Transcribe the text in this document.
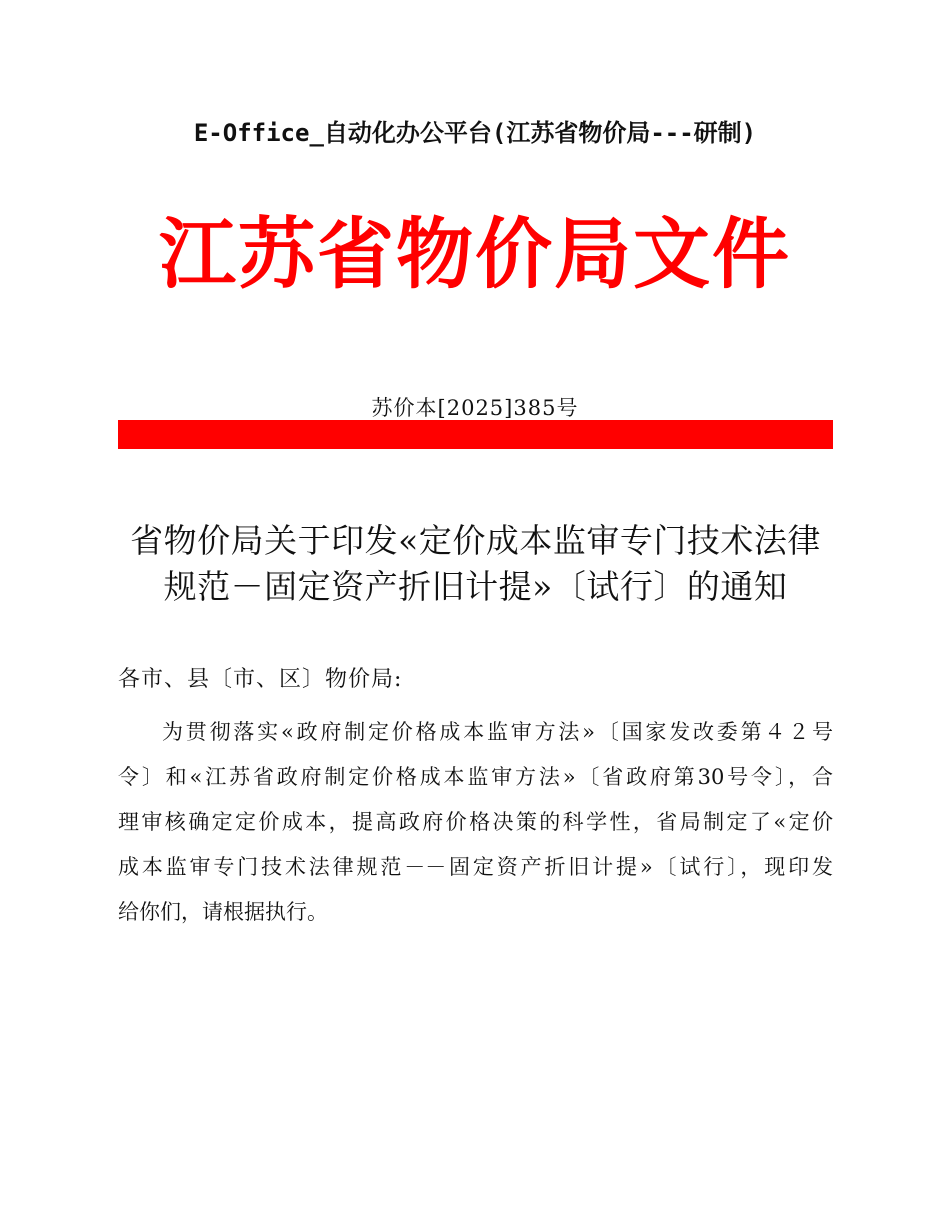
E-Office_自动化办公平台(江苏省物价局---研制)
江苏省物价局文件
苏价本[2025]385号
省物价局关于印发«定价成本监审专门技术法律
规范－固定资产折旧计提»〔试行〕的通知
各市、县〔市、区〕物价局:
为贯彻落实«政府制定价格成本监审方法»〔国家发改委第４２号
令〕和«江苏省政府制定价格成本监审方法»〔省政府第30号令〕，合
理审核确定定价成本，提高政府价格决策的科学性，省局制定了«定价
成本监审专门技术法律规范－－固定资产折旧计提»〔试行〕，现印发
给你们，请根据执行。
